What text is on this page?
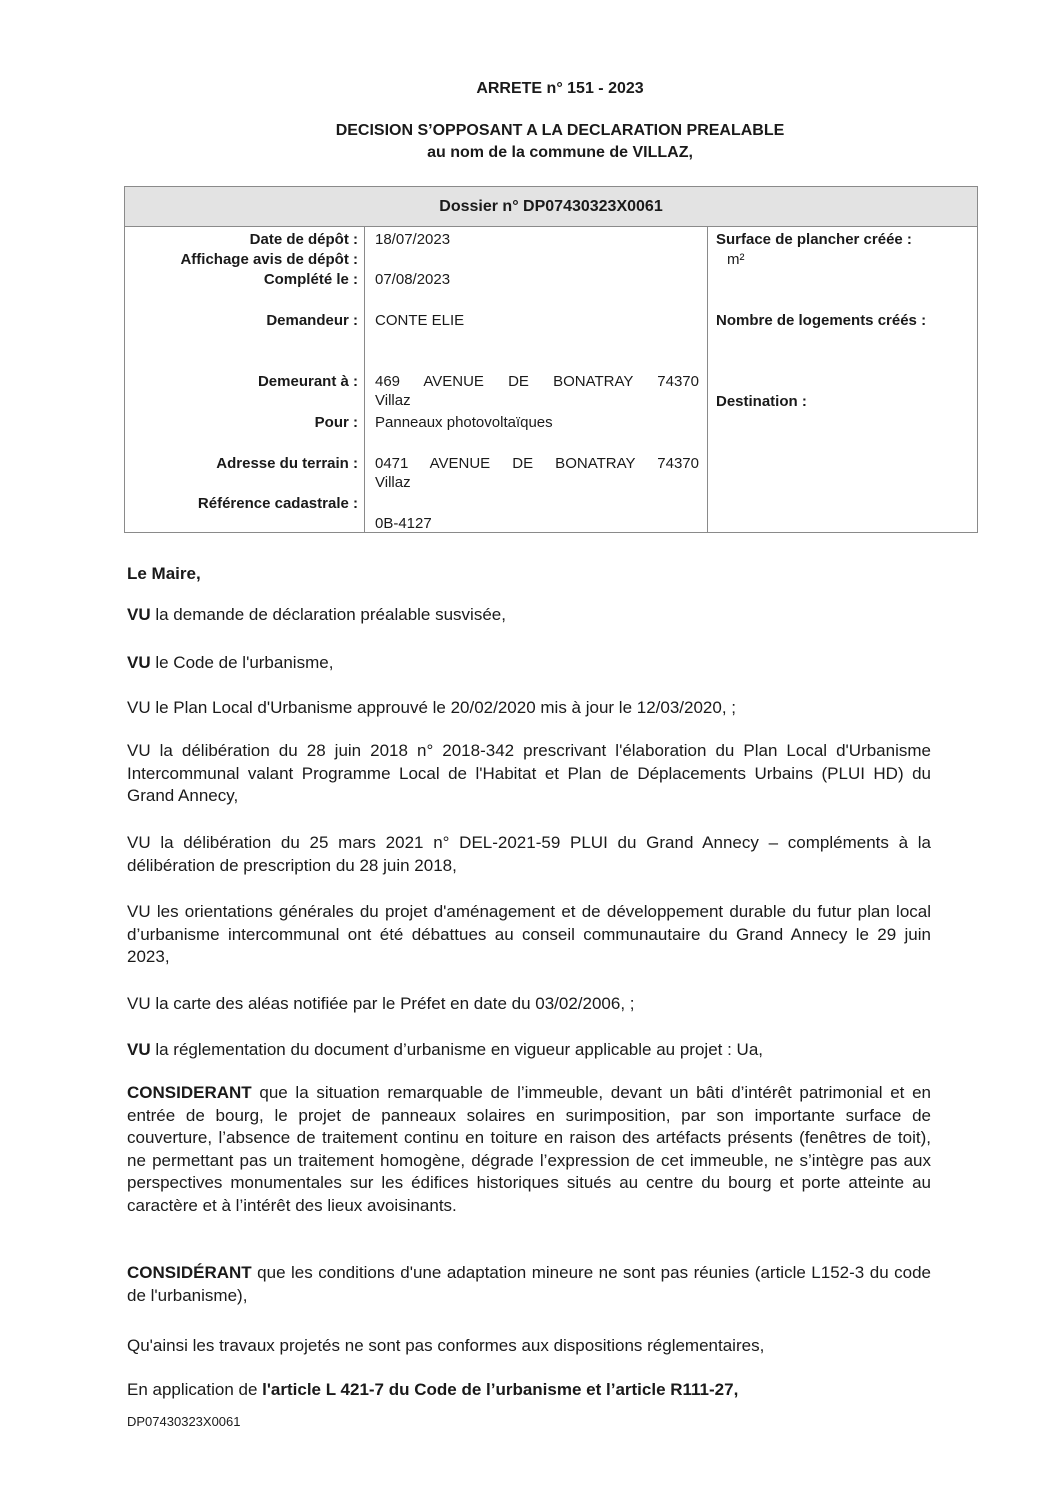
ARRETE n° 151 - 2023
DECISION S’OPPOSANT A LA DECLARATION PREALABLE
au nom de la commune de VILLAZ,
Dossier n° DP07430323X0061
Date de dépôt :
Affichage avis de dépôt :
Complété le :
Demandeur :
Demeurant à :
Pour :
Adresse du terrain :
Référence cadastrale :
18/07/2023
07/08/2023
CONTE ELIE
469 AVENUE DE BONATRAY 74370
Villaz
Panneaux photovoltaïques
0471 AVENUE DE BONATRAY 74370
Villaz
0B-4127
Surface de plancher créée :
m²
Nombre de logements créés :
Destination :
Le Maire,
VU la demande de déclaration préalable susvisée,
VU le Code de l'urbanisme,
VU le Plan Local d'Urbanisme approuvé le 20/02/2020 mis à jour le 12/03/2020, ;
VU la délibération du 28 juin 2018 n° 2018-342 prescrivant l'élaboration du Plan Local d'Urbanisme Intercommunal valant Programme Local de l'Habitat et Plan de Déplacements Urbains (PLUI HD) du Grand Annecy,
VU la délibération du 25 mars 2021 n° DEL-2021-59 PLUI du Grand Annecy – compléments à la délibération de prescription du 28 juin 2018,
VU les orientations générales du projet d'aménagement et de développement durable du futur plan local d’urbanisme intercommunal ont été débattues au conseil communautaire du Grand Annecy le 29 juin 2023,
VU la carte des aléas notifiée par le Préfet en date du 03/02/2006, ;
VU la réglementation du document d’urbanisme en vigueur applicable au projet : Ua,
CONSIDERANT que la situation remarquable de l’immeuble, devant un bâti d’intérêt patrimonial et en entrée de bourg, le projet de panneaux solaires en surimposition, par son importante surface de couverture, l’absence de traitement continu en toiture en raison des artéfacts présents (fenêtres de toit), ne permettant pas un traitement homogène, dégrade l’expression de cet immeuble, ne s’intègre pas aux perspectives monumentales sur les édifices historiques situés au centre du bourg et porte atteinte au caractère et à l’intérêt des lieux avoisinants.
CONSIDÉRANT que les conditions d'une adaptation mineure ne sont pas réunies (article L152-3 du code de l'urbanisme),
Qu'ainsi les travaux projetés ne sont pas conformes aux dispositions réglementaires,
En application de l'article L 421-7 du Code de l’urbanisme et l’article R111-27,
DP07430323X0061
